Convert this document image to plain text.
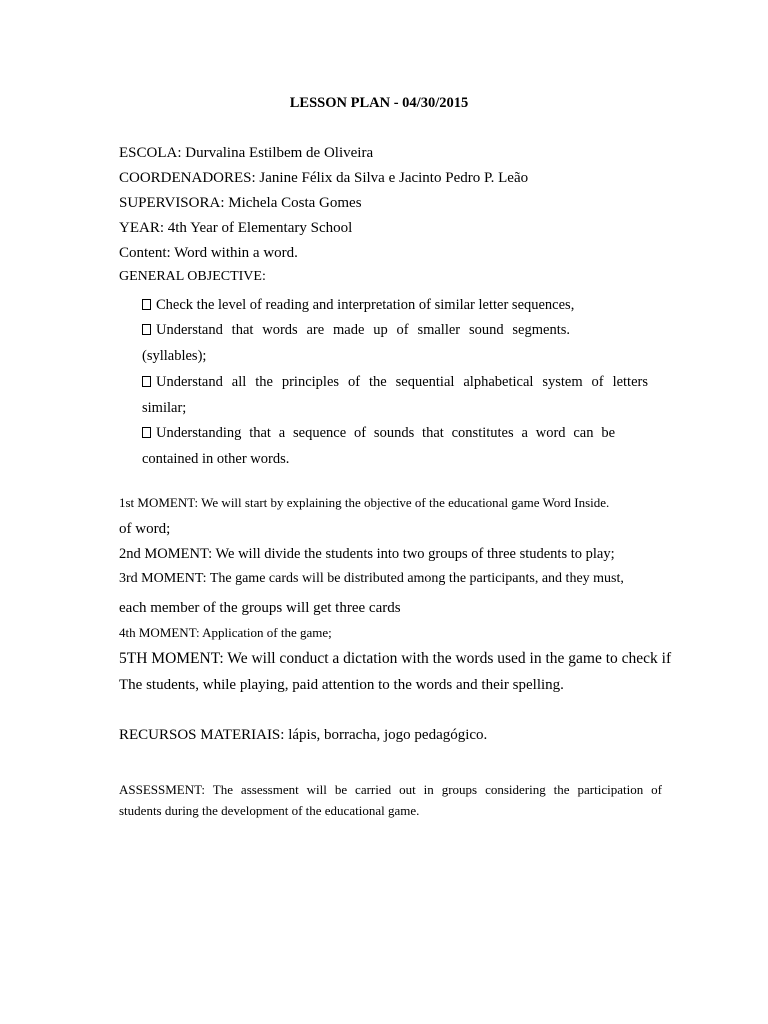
LESSON PLAN - 04/30/2015
ESCOLA: Durvalina Estilbem de Oliveira
COORDENADORES: Janine Félix da Silva e Jacinto Pedro P. Leão
SUPERVISORA: Michela Costa Gomes
YEAR: 4th Year of Elementary School
Content: Word within a word.
GENERAL OBJECTIVE:
Check the level of reading and interpretation of similar letter sequences,
Understand that words are made up of smaller sound segments.
(syllables);
Understand all the principles of the sequential alphabetical system of letters
similar;
Understanding that a sequence of sounds that constitutes a word can be
contained in other words.
1st MOMENT: We will start by explaining the objective of the educational game Word Inside.
of word;
2nd MOMENT: We will divide the students into two groups of three students to play;
3rd MOMENT: The game cards will be distributed among the participants, and they must,
each member of the groups will get three cards
4th MOMENT: Application of the game;
5TH MOMENT: We will conduct a dictation with the words used in the game to check if
The students, while playing, paid attention to the words and their spelling.
RECURSOS MATERIAIS: lápis, borracha, jogo pedagógico.
ASSESSMENT: The assessment will be carried out in groups considering the participation of
students during the development of the educational game.
